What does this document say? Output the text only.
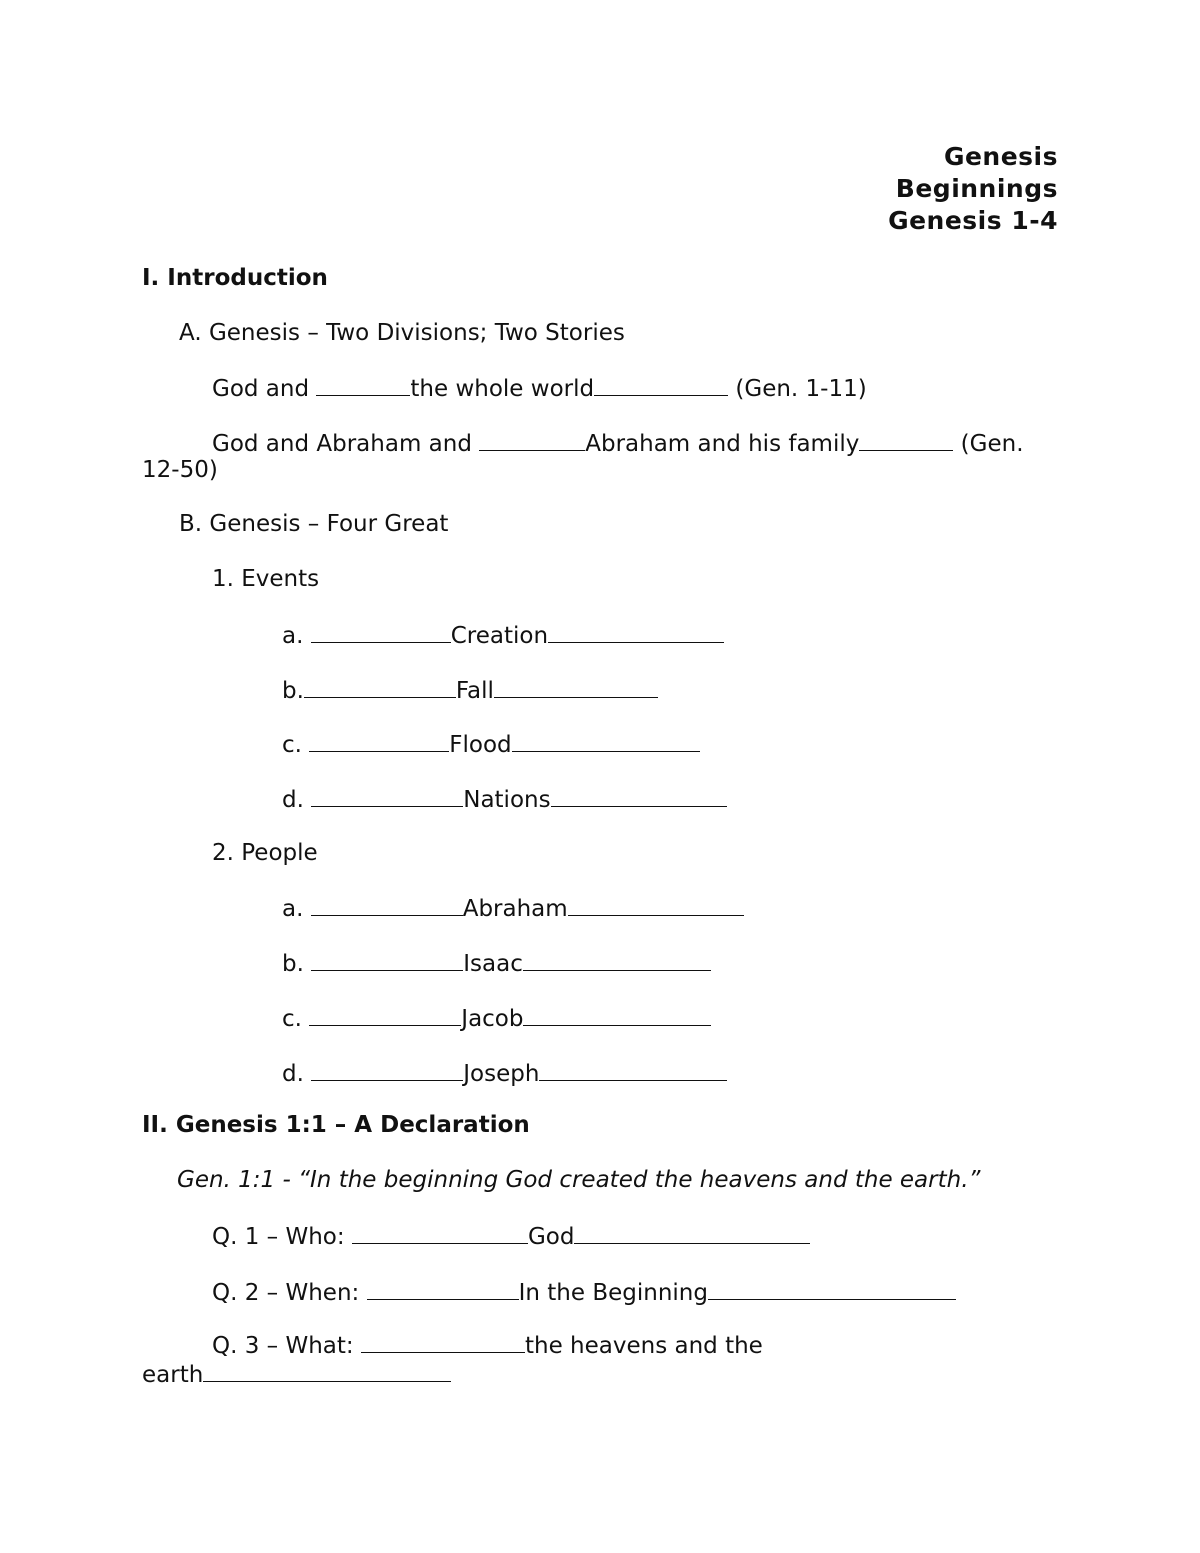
Genesis
Beginnings
Genesis 1-4
I. Introduction
A. Genesis – Two Divisions; Two Stories
God and	the whole world	(Gen. 1-11)
God and Abraham and	Abraham and his family	(Gen.
12-50)
B. Genesis – Four Great
1. Events
a.	Creation
b.	Fall
c.	Flood
d.	Nations
2. People
a.	Abraham
b.	Isaac
c.	Jacob
d.	Joseph
II. Genesis 1:1 – A Declaration
Gen. 1:1 - “In the beginning God created the heavens and the earth.”
Q. 1 – Who:	God
Q. 2 – When:	In the Beginning
Q. 3 – What:	the heavens and the
earth
